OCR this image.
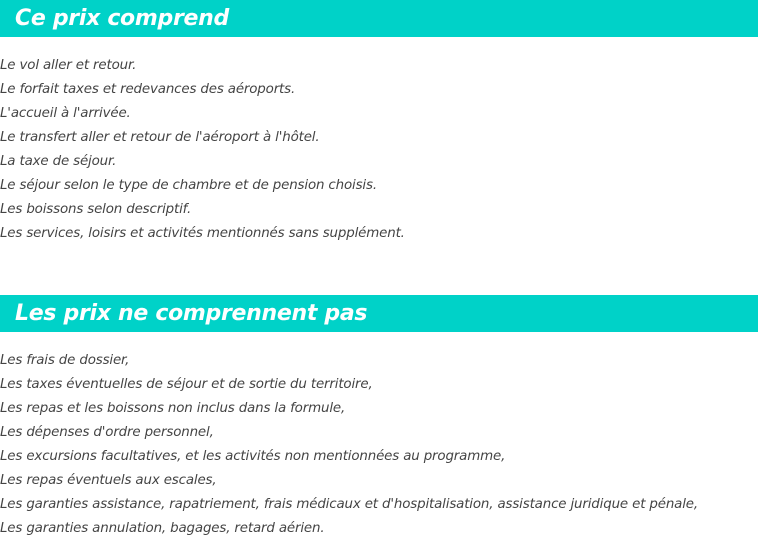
Ce prix comprend
Le vol aller et retour.
Le forfait taxes et redevances des aéroports.
L'accueil à l'arrivée.
Le transfert aller et retour de l'aéroport à l'hôtel.
La taxe de séjour.
Le séjour selon le type de chambre et de pension choisis.
Les boissons selon descriptif.
Les services, loisirs et activités mentionnés sans supplément.
Les prix ne comprennent pas
Les frais de dossier,
Les taxes éventuelles de séjour et de sortie du territoire,
Les repas et les boissons non inclus dans la formule,
Les dépenses d'ordre personnel,
Les excursions facultatives, et les activités non mentionnées au programme,
Les repas éventuels aux escales,
Les garanties assistance, rapatriement, frais médicaux et d'hospitalisation, assistance juridique et pénale,
Les garanties annulation, bagages, retard aérien.
